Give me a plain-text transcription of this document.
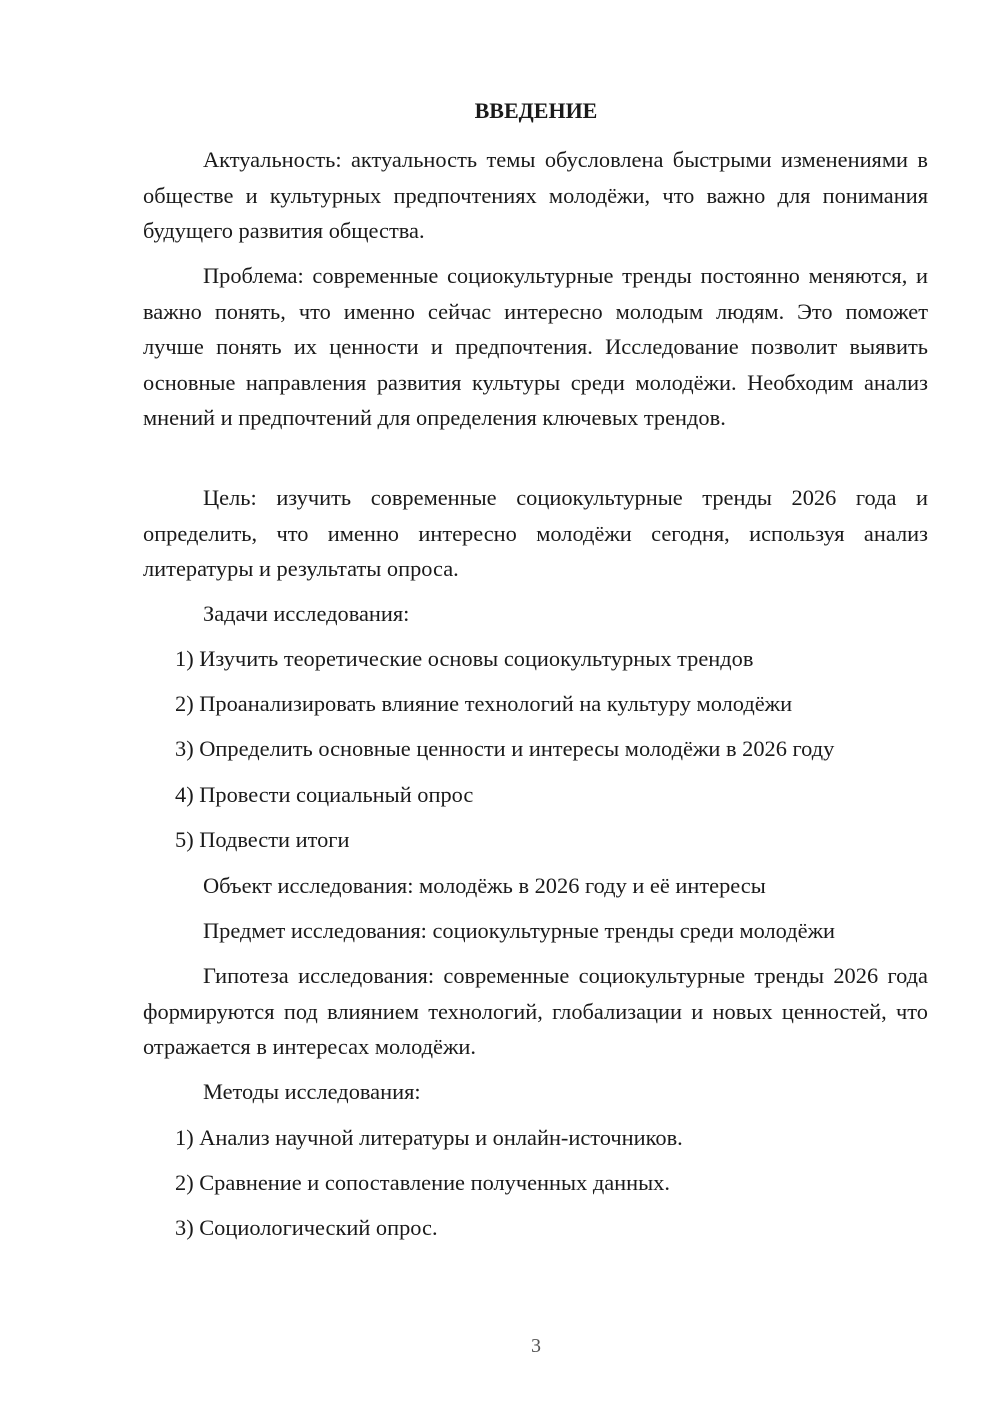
ВВЕДЕНИЕ

Актуальность: актуальность темы обусловлена быстрыми изменениями в обществе и культурных предпочтениях молодёжи, что важно для понимания будущего развития общества.

Проблема: современные социокультурные тренды постоянно меняются, и важно понять, что именно сейчас интересно молодым людям. Это поможет лучше понять их ценности и предпочтения. Исследование позволит выявить основные направления развития культуры среди молодёжи. Необходим анализ мнений и предпочтений для определения ключевых трендов.

Цель: изучить современные социокультурные тренды 2026 года и определить, что именно интересно молодёжи сегодня, используя анализ литературы и результаты опроса.

Задачи исследования:

1) Изучить теоретические основы социокультурных трендов

2) Проанализировать влияние технологий на культуру молодёжи

3) Определить основные ценности и интересы молодёжи в 2026 году

4) Провести социальный опрос

5) Подвести итоги

Объект исследования: молодёжь в 2026 году и её интересы

Предмет исследования: социокультурные тренды среди молодёжи

Гипотеза исследования: современные социокультурные тренды 2026 года формируются под влиянием технологий, глобализации и новых ценностей, что отражается в интересах молодёжи.

Методы исследования:

1) Анализ научной литературы и онлайн-источников.

2) Сравнение и сопоставление полученных данных.

3) Социологический опрос.

3
